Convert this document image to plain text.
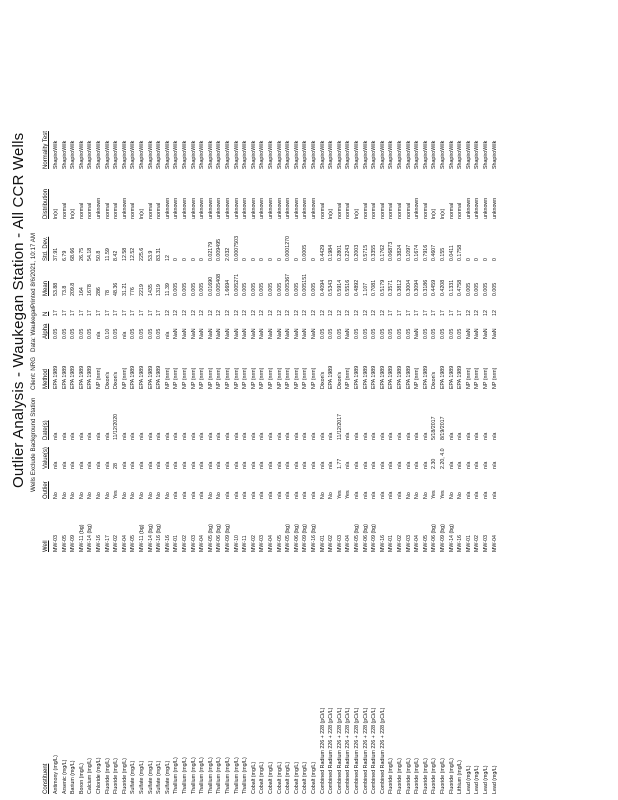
Outlier Analysis - Waukegan Station - All CCR Wells Wells Exclude Background Station
Client: NRG
Data: Waukegan
Printed 8/6/2021, 10:17 AM
Constituent
Well
Outlier
Value(s)
Date(s)
Method
Alpha
N
Mean
Std. Dev.
Distribution
Normality Test
Antimony (mg/L)
MW-03
No
n/a
n/a
EPA 1989
0.05
17
53.88
37.91
ln(x)
ShapiroWilk
Arsenic (mg/L)
MW-05
No
n/a
n/a
EPA 1989
0.05
17
73.8
6.79
normal
ShapiroWilk
Barium (mg/L)
MW-09
No
n/a
n/a
EPA 1989
0.05
17
209.8
68.66
ln(x)
ShapiroWilk
Boron (mg/L)
MW-11 (bg)
No
n/a
n/a
EPA 1989
0.05
17
164
26.75
normal
ShapiroWilk
Calcium (mg/L)
MW-14 (bg)
No
n/a
n/a
EPA 1989
0.05
17
1678
54.18
normal
ShapiroWilk
Chloride (mg/L)
MW-16
No
n/a
n/a
NP (nrm)
n/a
17
286
50.8
unknown
ShapiroWilk
Fluoride (mg/L)
MW-17
No
n/a
n/a
Dixon's
0.10
17
78
11.59
normal
ShapiroWilk
Fluoride (mg/L)
MW-02
Yes
28
11/12/2020
Dixon's
0.05
17
48.36
8.42
normal
ShapiroWilk
Fluoride (mg/L)
MW-04
No
n/a
n/a
NP (nrm)
n/a
17
31.21
12.58
unknown
ShapiroWilk
Sulfate (mg/L)
MW-05
No
n/a
n/a
EPA 1989
0.05
17
776
12.52
normal
ShapiroWilk
Sulfate (mg/L)
MW-11 (bg)
No
n/a
n/a
EPA 1989
0.05
17
2219
225.6
ln(x)
ShapiroWilk
Sulfate (mg/L)
MW-14 (bg)
No
n/a
n/a
EPA 1989
0.05
17
1435
53.9
normal
ShapiroWilk
Sulfate (mg/L)
MW-16 (bg)
No
n/a
n/a
EPA 1989
0.05
17
1319
83.31
normal
ShapiroWilk
Sulfate (mg/L)
MW-16
No
n/a
n/a
NP (nrm)
n/a
12
11.39
12
unknown
ShapiroWilk
Thallium (mg/L)
MW-01
n/a
n/a
n/a
NP (nrm)
NaN
12
0.005
0
unknown
ShapiroWilk
Thallium (mg/L)
MW-02
n/a
n/a
n/a
NP (nrm)
NaN
12
0.005
0
unknown
ShapiroWilk
Thallium (mg/L)
MW-03
n/a
n/a
n/a
NP (nrm)
NaN
12
0.005
0
unknown
ShapiroWilk
Thallium (mg/L)
MW-04
n/a
n/a
n/a
NP (nrm)
NaN
12
0.005
0
unknown
ShapiroWilk
Thallium (mg/L)
MW-05 (bg)
No
n/a
n/a
NP (nrm)
NaN
12
0.01690
0.02179
unknown
ShapiroWilk
Thallium (mg/L)
MW-06 (bg)
No
n/a
n/a
NP (nrm)
NaN
12
0.005408
0.009495
unknown
ShapiroWilk
Thallium (mg/L)
MW-09 (bg)
n/a
n/a
n/a
NP (nrm)
NaN
12
1.6694
2.032
unknown
ShapiroWilk
Thallium (mg/L)
MW-10
n/a
n/a
n/a
NP (nrm)
NaN
12
0.005271
0.0007503
unknown
ShapiroWilk
Thallium (mg/L)
MW-11
n/a
n/a
n/a
NP (nrm)
NaN
12
0.005
0
unknown
ShapiroWilk
Cobalt (mg/L)
MW-02
n/a
n/a
n/a
NP (nrm)
NaN
12
0.005
0
unknown
ShapiroWilk
Cobalt (mg/L)
MW-03
n/a
n/a
n/a
NP (nrm)
NaN
12
0.005
0
unknown
ShapiroWilk
Cobalt (mg/L)
MW-04
n/a
n/a
n/a
NP (nrm)
NaN
12
0.005
0
unknown
ShapiroWilk
Cobalt (mg/L)
MW-05
n/a
n/a
n/a
NP (nrm)
NaN
12
0.005
0
unknown
ShapiroWilk
Cobalt (mg/L)
MW-05 (bg)
n/a
n/a
n/a
NP (nrm)
NaN
12
0.005367
0.0001270
unknown
ShapiroWilk
Cobalt (mg/L)
MW-06 (bg)
n/a
n/a
n/a
NP (nrm)
NaN
12
0.005
0
unknown
ShapiroWilk
Cobalt (mg/L)
MW-09 (bg)
n/a
n/a
n/a
NP (nrm)
NaN
12
0.005151
0.0005
unknown
ShapiroWilk
Cobalt (mg/L)
MW-16 (bg)
n/a
n/a
n/a
NP (nrm)
NaN
12
0.005
0
unknown
ShapiroWilk
Combined Radium 226 + 228 (pCi/L)
MW-01
No
n/a
n/a
Dixon's
0.05
12
0.4094
0.4429
normal
ShapiroWilk
Combined Radium 226 + 228 (pCi/L)
MW-02
No
n/a
n/a
EPA 1989
0.05
12
0.5343
0.1984
ln(x)
ShapiroWilk
Combined Radium 226 + 228 (pCi/L)
MW-03
Yes
1.77
11/12/2017
Dixon's
0.05
12
0.5914
0.2801
normal
ShapiroWilk
Combined Radium 226 + 228 (pCi/L)
MW-04
Yes
n/a
n/a
NP (nrm)
NaN
12
0.5516
0.2243
normal
ShapiroWilk
Combined Radium 226 + 228 (pCi/L)
MW-05 (bg)
n/a
n/a
n/a
EPA 1989
0.05
12
0.4892
0.2003
ln(x)
ShapiroWilk
Combined Radium 226 + 228 (pCi/L)
MW-06 (bg)
n/a
n/a
n/a
EPA 1989
0.05
12
1.107
0.5715
normal
ShapiroWilk
Combined Radium 226 + 228 (pCi/L)
MW-09 (bg)
n/a
n/a
n/a
EPA 1989
0.05
12
0.7081
0.3355
normal
ShapiroWilk
Combined Radium 226 + 228 (pCi/L)
MW-16
n/a
n/a
n/a
EPA 1989
0.05
12
0.5179
0.1762
normal
ShapiroWilk
Fluoride (mg/L)
MW-01
n/a
n/a
n/a
EPA 1989
0.05
17
0.3571
0.06873
normal
ShapiroWilk
Fluoride (mg/L)
MW-02
n/a
n/a
n/a
EPA 1989
0.05
17
0.3812
0.3824
normal
ShapiroWilk
Fluoride (mg/L)
MW-03
No
n/a
n/a
EPA 1989
0.05
17
0.3004
0.1097
normal
ShapiroWilk
Fluoride (mg/L)
MW-04
No
n/a
n/a
NP (nrm)
NaN
17
0.3094
0.1674
unknown
ShapiroWilk
Fluoride (mg/L)
MW-05
No
n/a
n/a
EPA 1989
0.05
17
0.3186
0.7916
normal
ShapiroWilk
Fluoride (mg/L)
MW-06 (bg)
Yes
2.30
5/18/2017
Dixon's
0.05
17
0.4459
0.4607
ln(x)
ShapiroWilk
Fluoride (mg/L)
MW-09 (bg)
Yes
2.20, 4.0
8/19/2017
EPA 1989
0.05
17
0.4208
0.155
ln(x)
ShapiroWilk
Fluoride (mg/L)
MW-14 (bg)
No
n/a
n/a
EPA 1989
0.05
17
0.1331
0.0411
normal
ShapiroWilk
Lithium (mg/L)
MW-16
No
n/a
n/a
EPA 1989
0.05
17
0.4758
0.1758
normal
ShapiroWilk
Lead (mg/L)
MW-01
n/a
n/a
n/a
NP (nrm)
NaN
12
0.005
0
unknown
ShapiroWilk
Lead (mg/L)
MW-02
n/a
n/a
n/a
NP (nrm)
NaN
12
0.005
0
unknown
ShapiroWilk
Lead (mg/L)
MW-03
n/a
n/a
n/a
NP (nrm)
NaN
12
0.005
0
unknown
ShapiroWilk
Lead (mg/L)
MW-04
n/a
n/a
n/a
NP (nrm)
NaN
12
0.005
0
unknown
ShapiroWilk
